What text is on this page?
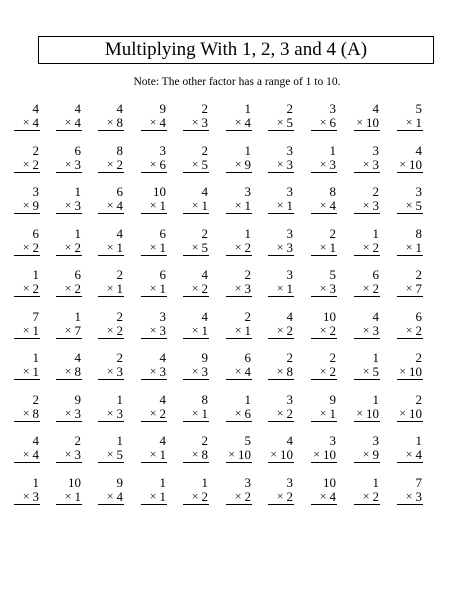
Multiplying With 1, 2, 3 and 4 (A)
Note: The other factor has a range of 1 to 10.
4
× 4
4
× 4
4
× 8
9
× 4
2
× 3
1
× 4
2
× 5
3
× 6
4
× 10
5
× 1
2
× 2
6
× 3
8
× 2
3
× 6
2
× 5
1
× 9
3
× 3
1
× 3
3
× 3
4
× 10
3
× 9
1
× 3
6
× 4
10
× 1
4
× 1
3
× 1
3
× 1
8
× 4
2
× 3
3
× 5
6
× 2
1
× 2
4
× 1
6
× 1
2
× 5
1
× 2
3
× 3
2
× 1
1
× 2
8
× 1
1
× 2
6
× 2
2
× 1
6
× 1
4
× 2
2
× 3
3
× 1
5
× 3
6
× 2
2
× 7
7
× 1
1
× 7
2
× 2
3
× 3
4
× 1
2
× 1
4
× 2
10
× 2
4
× 3
6
× 2
1
× 1
4
× 8
2
× 3
4
× 3
9
× 3
6
× 4
2
× 8
2
× 2
1
× 5
2
× 10
2
× 8
9
× 3
1
× 3
4
× 2
8
× 1
1
× 6
3
× 2
9
× 1
1
× 10
2
× 10
4
× 4
2
× 3
1
× 5
4
× 1
2
× 8
5
× 10
4
× 10
3
× 10
3
× 9
1
× 4
1
× 3
10
× 1
9
× 4
1
× 1
1
× 2
3
× 2
3
× 2
10
× 4
1
× 2
7
× 3
